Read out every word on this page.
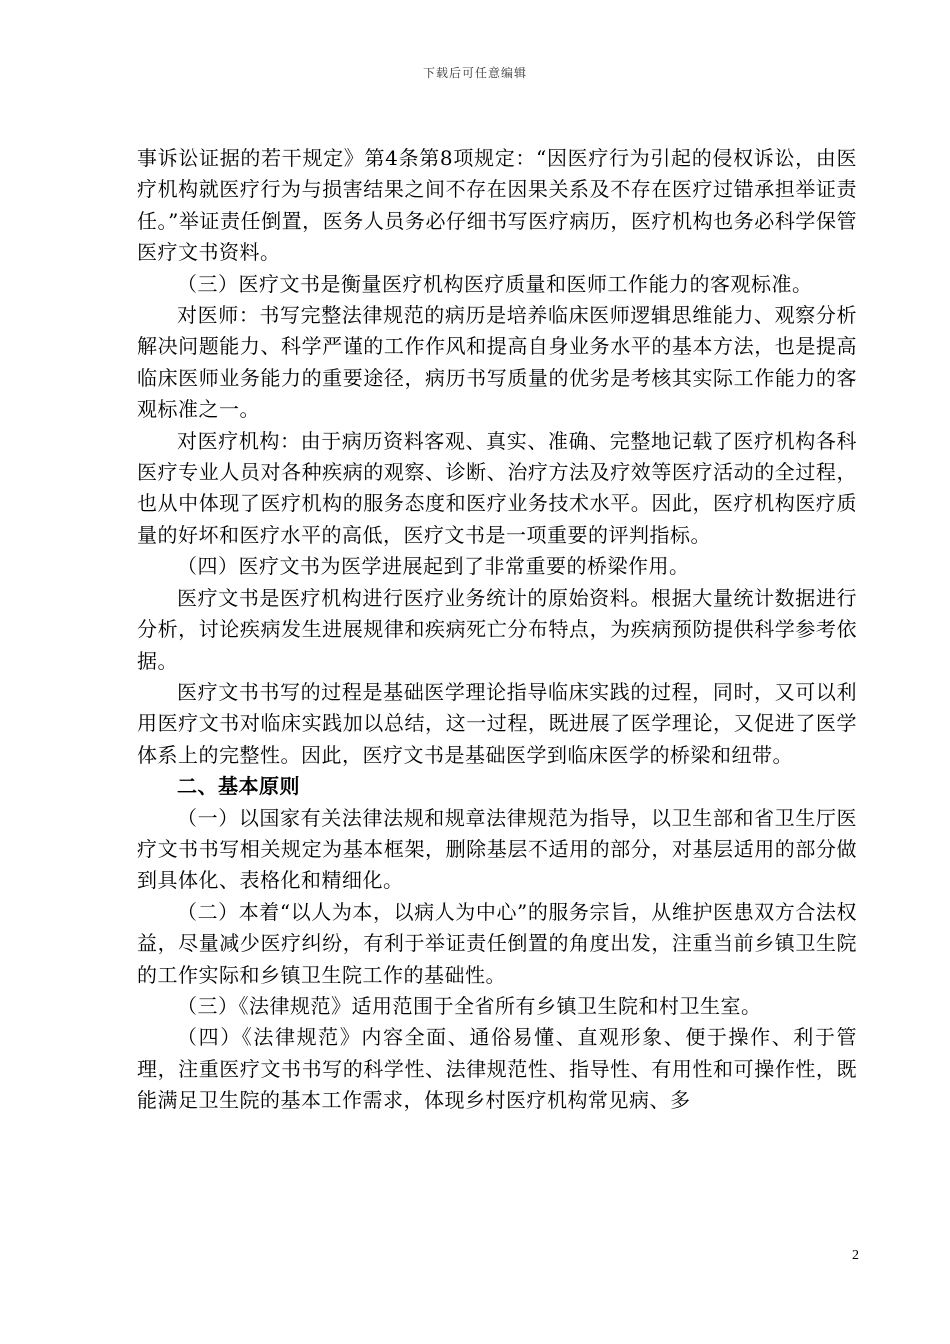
下载后可任意编辑

事诉讼证据的若干规定》第4条第8项规定：“因医疗行为引起的侵权诉讼，由医疗机构就医疗行为与损害结果之间不存在因果关系及不存在医疗过错承担举证责任。”举证责任倒置，医务人员务必仔细书写医疗病历，医疗机构也务必科学保管医疗文书资料。

（三）医疗文书是衡量医疗机构医疗质量和医师工作能力的客观标准。

对医师：书写完整法律规范的病历是培养临床医师逻辑思维能力、观察分析解决问题能力、科学严谨的工作作风和提高自身业务水平的基本方法，也是提高临床医师业务能力的重要途径，病历书写质量的优劣是考核其实际工作能力的客观标准之一。

对医疗机构：由于病历资料客观、真实、准确、完整地记载了医疗机构各科医疗专业人员对各种疾病的观察、诊断、治疗方法及疗效等医疗活动的全过程，也从中体现了医疗机构的服务态度和医疗业务技术水平。因此，医疗机构医疗质量的好坏和医疗水平的高低，医疗文书是一项重要的评判指标。

（四）医疗文书为医学进展起到了非常重要的桥梁作用。

医疗文书是医疗机构进行医疗业务统计的原始资料。根据大量统计数据进行分析，讨论疾病发生进展规律和疾病死亡分布特点，为疾病预防提供科学参考依据。

医疗文书书写的过程是基础医学理论指导临床实践的过程，同时，又可以利用医疗文书对临床实践加以总结，这一过程，既进展了医学理论，又促进了医学体系上的完整性。因此，医疗文书是基础医学到临床医学的桥梁和纽带。

二、基本原则

（一）以国家有关法律法规和规章法律规范为指导，以卫生部和省卫生厅医疗文书书写相关规定为基本框架，删除基层不适用的部分，对基层适用的部分做到具体化、表格化和精细化。

（二）本着“以人为本，以病人为中心”的服务宗旨，从维护医患双方合法权益，尽量减少医疗纠纷，有利于举证责任倒置的角度出发，注重当前乡镇卫生院的工作实际和乡镇卫生院工作的基础性。

（三）《法律规范》适用范围于全省所有乡镇卫生院和村卫生室。

（四）《法律规范》内容全面、通俗易懂、直观形象、便于操作、利于管理，注重医疗文书书写的科学性、法律规范性、指导性、有用性和可操作性，既能满足卫生院的基本工作需求，体现乡村医疗机构常见病、多

2
